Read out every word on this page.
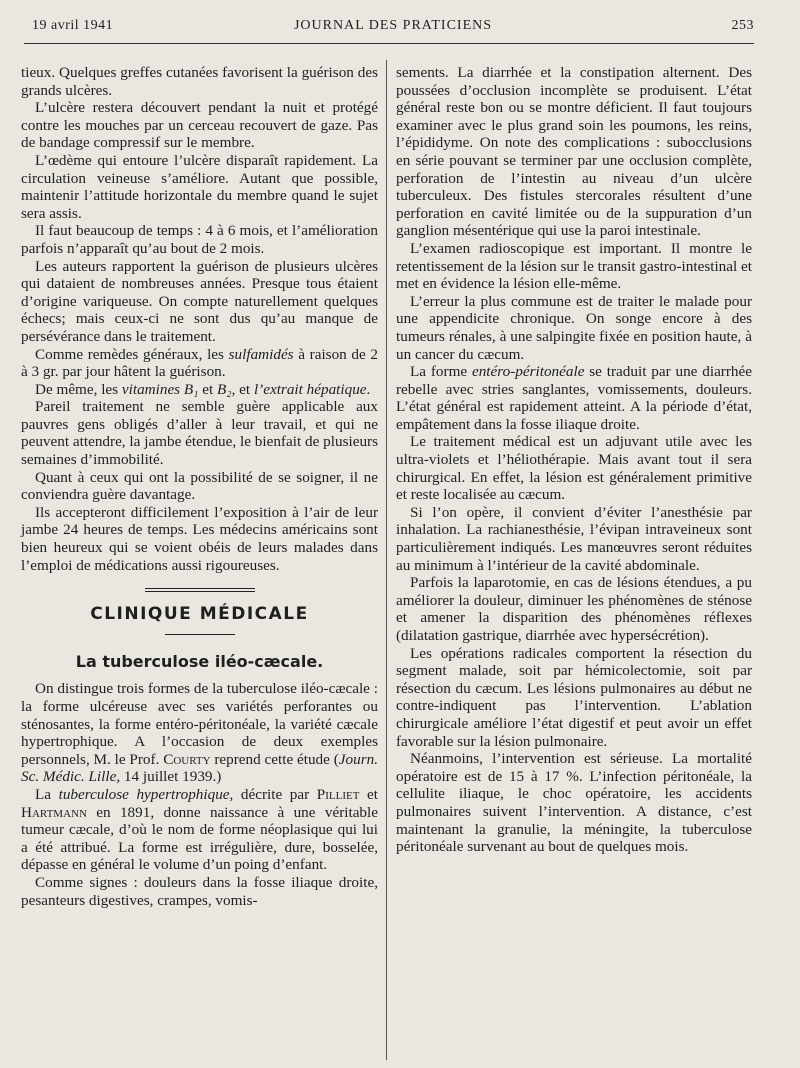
19 avril 1941	JOURNAL DES PRATICIENS	253

tieux. Quelques greffes cutanées favorisent la guérison des grands ulcères.

L’ulcère restera découvert pendant la nuit et protégé contre les mouches par un cerceau recouvert de gaze. Pas de bandage compressif sur le membre.

L’œdème qui entoure l’ulcère disparaît rapidement. La circulation veineuse s’améliore. Autant que possible, maintenir l’attitude horizontale du membre quand le sujet sera assis.

Il faut beaucoup de temps : 4 à 6 mois, et l’amélioration parfois n’apparaît qu’au bout de 2 mois.

Les auteurs rapportent la guérison de plusieurs ulcères qui dataient de nombreuses années. Presque tous étaient d’origine variqueuse. On compte naturellement quelques échecs; mais ceux-ci ne sont dus qu’au manque de persévérance dans le traitement.

Comme remèdes généraux, les sulfamidés à raison de 2 à 3 gr. par jour hâtent la guérison.

De même, les vitamines B₁ et B₂, et l’extrait hépatique.

Pareil traitement ne semble guère applicable aux pauvres gens obligés d’aller à leur travail, et qui ne peuvent attendre, la jambe étendue, le bienfait de plusieurs semaines d’immobilité.

Quant à ceux qui ont la possibilité de se soigner, il ne conviendra guère davantage.

Ils accepteront difficilement l’exposition à l’air de leur jambe 24 heures de temps. Les médecins américains sont bien heureux qui se voient obéis de leurs malades dans l’emploi de médications aussi rigoureuses.

CLINIQUE MÉDICALE
La tuberculose iléo-cæcale.

On distingue trois formes de la tuberculose iléo-cæcale : la forme ulcéreuse avec ses variétés perforantes ou sténosantes, la forme entéro-péritonéale, la variété cæcale hypertrophique. A l’occasion de deux exemples personnels, M. le Prof. Courty reprend cette étude (Journ. Sc. Médic. Lille, 14 juillet 1939.)

La tuberculose hypertrophique, décrite par Pilliet et Hartmann en 1891, donne naissance à une véritable tumeur cæcale, d’où le nom de forme néoplasique qui lui a été attribué. La forme est irrégulière, dure, bosselée, dépasse en général le volume d’un poing d’enfant.

Comme signes : douleurs dans la fosse iliaque droite, pesanteurs digestives, crampes, vomis-

sements. La diarrhée et la constipation alternent. Des poussées d’occlusion incomplète se produisent. L’état général reste bon ou se montre déficient. Il faut toujours examiner avec le plus grand soin les poumons, les reins, l’épididyme. On note des complications : subocclusions en série pouvant se terminer par une occlusion complète, perforation de l’intestin au niveau d’un ulcère tuberculeux. Des fistules stercorales résultent d’une perforation en cavité limitée ou de la suppuration d’un ganglion mésentérique qui use la paroi intestinale.

L’examen radioscopique est important. Il montre le retentissement de la lésion sur le transit gastro-intestinal et met en évidence la lésion elle-même.

L’erreur la plus commune est de traiter le malade pour une appendicite chronique. On songe encore à des tumeurs rénales, à une salpingite fixée en position haute, à un cancer du cæcum.

La forme entéro-péritonéale se traduit par une diarrhée rebelle avec stries sanglantes, vomissements, douleurs. L’état général est rapidement atteint. A la période d’état, empâtement dans la fosse iliaque droite.

Le traitement médical est un adjuvant utile avec les ultra-violets et l’héliothérapie. Mais avant tout il sera chirurgical. En effet, la lésion est généralement primitive et reste localisée au cæcum.

Si l’on opère, il convient d’éviter l’anesthésie par inhalation. La rachianesthésie, l’évipan intraveineux sont particulièrement indiqués. Les manœuvres seront réduites au minimum à l’intérieur de la cavité abdominale.

Parfois la laparotomie, en cas de lésions étendues, a pu améliorer la douleur, diminuer les phénomènes de sténose et amener la disparition des phénomènes réflexes (dilatation gastrique, diarrhée avec hypersécrétion).

Les opérations radicales comportent la résection du segment malade, soit par hémicolectomie, soit par résection du cæcum. Les lésions pulmonaires au début ne contre-indiquent pas l’intervention. L’ablation chirurgicale améliore l’état digestif et peut avoir un effet favorable sur la lésion pulmonaire.

Néanmoins, l’intervention est sérieuse. La mortalité opératoire est de 15 à 17 %. L’infection péritonéale, la cellulite iliaque, le choc opératoire, les accidents pulmonaires suivent l’intervention. A distance, c’est maintenant la granulie, la méningite, la tuberculose péritonéale survenant au bout de quelques mois.
